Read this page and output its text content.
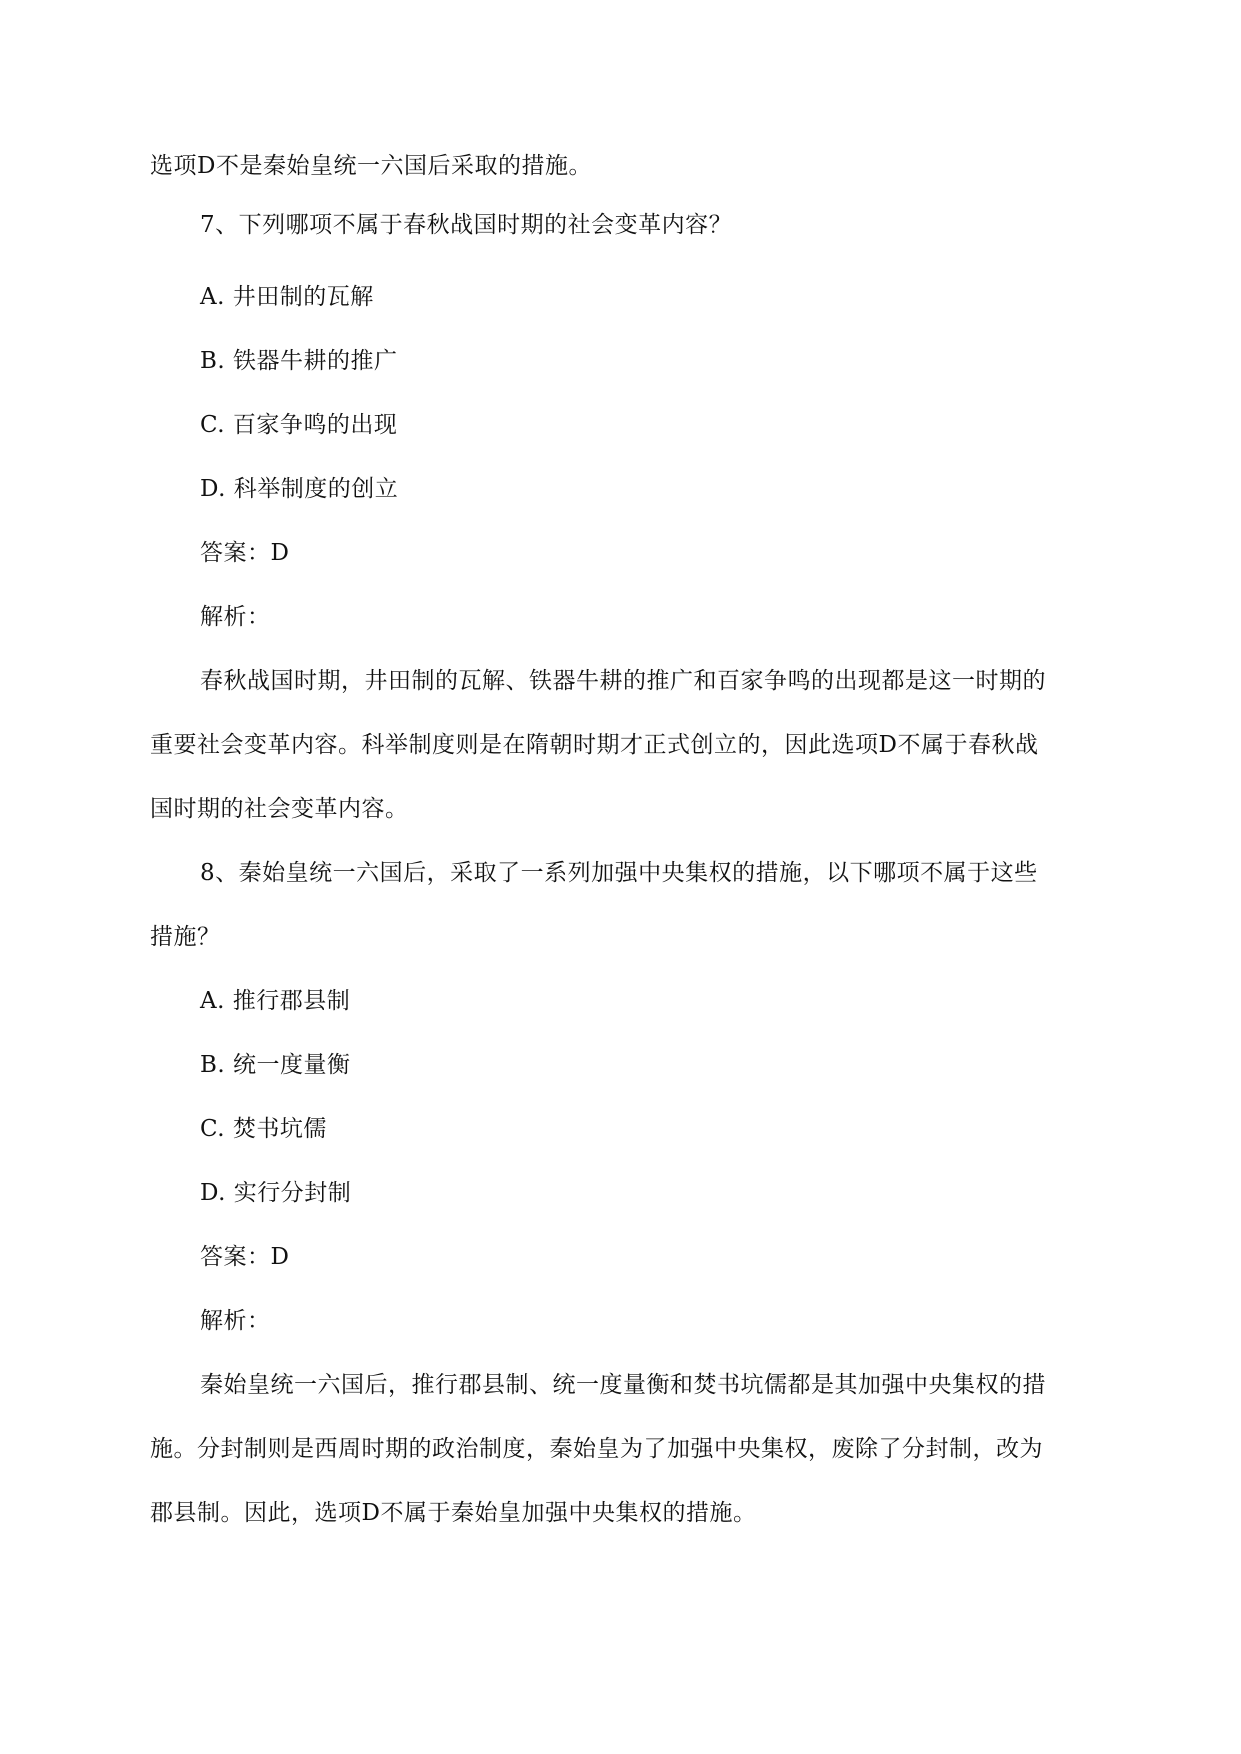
选项D不是秦始皇统一六国后采取的措施。
7、下列哪项不属于春秋战国时期的社会变革内容？
A. 井田制的瓦解
B. 铁器牛耕的推广
C. 百家争鸣的出现
D. 科举制度的创立
答案：D
解析：
春秋战国时期，井田制的瓦解、铁器牛耕的推广和百家争鸣的出现都是这一时期的
重要社会变革内容。科举制度则是在隋朝时期才正式创立的，因此选项D不属于春秋战
国时期的社会变革内容。
8、秦始皇统一六国后，采取了一系列加强中央集权的措施，以下哪项不属于这些
措施？
A. 推行郡县制
B. 统一度量衡
C. 焚书坑儒
D. 实行分封制
答案：D
解析：
秦始皇统一六国后，推行郡县制、统一度量衡和焚书坑儒都是其加强中央集权的措
施。分封制则是西周时期的政治制度，秦始皇为了加强中央集权，废除了分封制，改为
郡县制。因此，选项D不属于秦始皇加强中央集权的措施。
